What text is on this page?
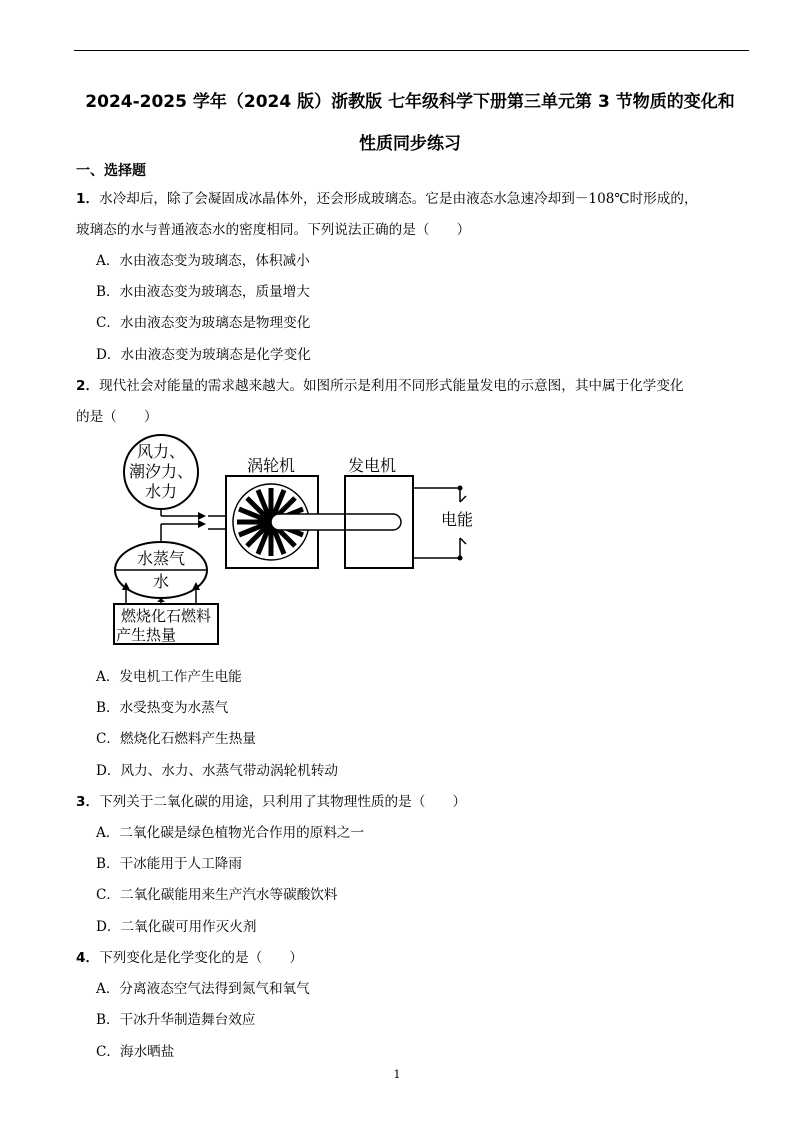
2024-2025 学年（2024 版）浙教版 七年级科学下册第三单元第 3 节物质的变化和
性质同步练习
一、选择题
1．水冷却后，除了会凝固成冰晶体外，还会形成玻璃态。它是由液态水急速冷却到－108℃时形成的，
玻璃态的水与普通液态水的密度相同。下列说法正确的是（　　）
A．水由液态变为玻璃态，体积减小
B．水由液态变为玻璃态，质量增大
C．水由液态变为玻璃态是物理变化
D．水由液态变为玻璃态是化学变化
2．现代社会对能量的需求越来越大。如图所示是利用不同形式能量发电的示意图，其中属于化学变化
的是（　　）
风力、
潮汐力、
水力
水蒸气
水
涡轮机	发电机
电能
燃烧化石燃料
产生热量
A．发电机工作产生电能
B．水受热变为水蒸气
C．燃烧化石燃料产生热量
D．风力、水力、水蒸气带动涡轮机转动
3．下列关于二氧化碳的用途，只利用了其物理性质的是（　　）
A．二氧化碳是绿色植物光合作用的原料之一
B．干冰能用于人工降雨
C．二氧化碳能用来生产汽水等碳酸饮料
D．二氧化碳可用作灭火剂
4．下列变化是化学变化的是（　　）
A．分离液态空气法得到氮气和氧气
B．干冰升华制造舞台效应
C．海水晒盐
1
